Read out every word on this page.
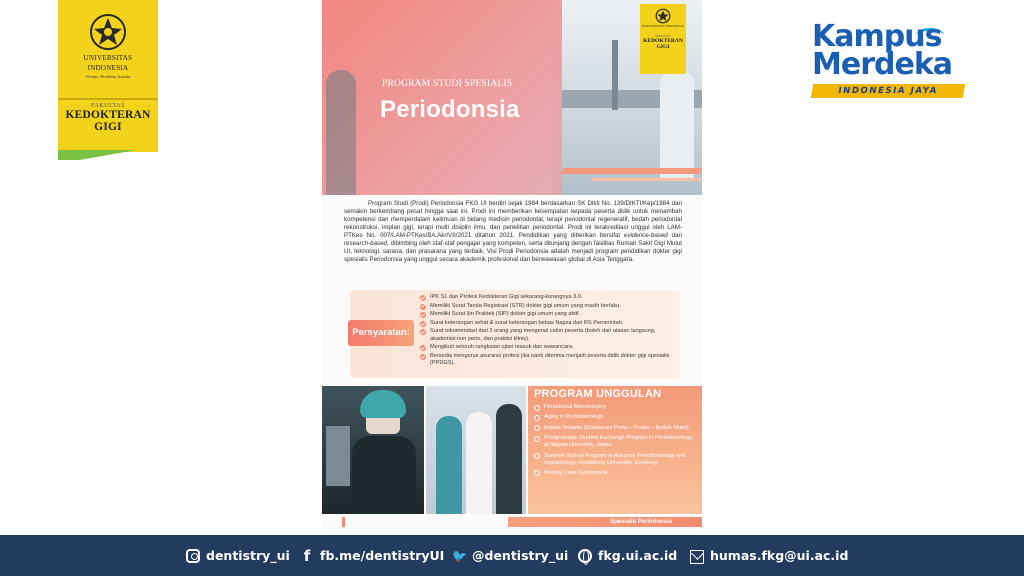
UNIVERSITAS
INDONESIA
Veritas, Probitas, Iustitia
FAKULTAS
KEDOKTERAN
GIGI
Kampus
Merdeka
INDONESIA JAYA
PROGRAM STUDI SPESIALIS
Periodonsia
UNIVERSITAS INDONESIA
FAKULTAS
KEDOKTERAN
GIGI

Program Studi (Prodi) Periodonsia FKG UI berdiri sejak 1984 berdasarkan SK Dikti No. 139/DIKTI/Kep/1984 dan semakin berkembang pesat hingga saat ini. Prodi ini memberikan kesempatan kepada peserta didik untuk menambah kompetensi dan memperdalam keilmuan di bidang medisin periodontal, terapi periodontal regeneratif, bedah periodontal rekonstruksi, implan gigi, terapi multi disiplin ilmu, dan penelitian periodontal. Prodi ini terakreditasi unggul oleh LAM-PTKes No. 007/LAM-PTKes/BA.Akr/VII/2021 ditahun 2021. Pendidikan yang diberikan bersifat evidence-based dan research-based, dibimbing oleh staf-staf pengajar yang kompeten, serta ditunjang dengan fasilitas Rumah Sakit Gigi Mulut UI, teknologi, sarana, dan prasarana yang terbaik. Visi Prodi Periodonsia adalah menjadi program pendidikan dokter gigi spesialis Periodonsia yang unggul secara akademik profesional dan berwawasan global di Asia Tenggara.

Persyaratan:
IPK S1 dan Profesi Kedokteran Gigi sekurang-kurangnya 3.0.
Memiliki Surat Tanda Registrasi (STR) dokter gigi umum yang masih berlaku.
Memiliki Surat Ijin Praktek (SIP) dokter gigi umum yang aktif.
Surat keterangan sehat & surat keterangan bebas Napza dari RS Pemerintah.
Surat rekomendasi dari 2 orang yang mengenal calon peserta (boleh dari atasan langsung, akademisi-non perio, dan praktisi klinis).
Mengikuti seluruh rangkaian ujian masuk dan wawancara.
Bersedia mengurus asuransi profesi jika nanti diterima menjadi peserta didik dokter gigi spesialis (PPDGS).
PROGRAM UNGGULAN
Periodontal Microsurgery
Aging in Periodontology
Implan Terpadu (Kolaborasi Perio – Prosto – Bedah Mulut)
Postgraduate Student Exchange Program in Periodontology at Niigata University, Japan
Summer School Program in Advance Periodontology and Implantology, Heidelberg University, Germany
Weekly Case Conference
Spesialis Periodonsia
dentistry_ui f fb.me/dentistryUI 🐦 @dentistry_ui fkg.ui.ac.id	humas.fkg@ui.ac.id
